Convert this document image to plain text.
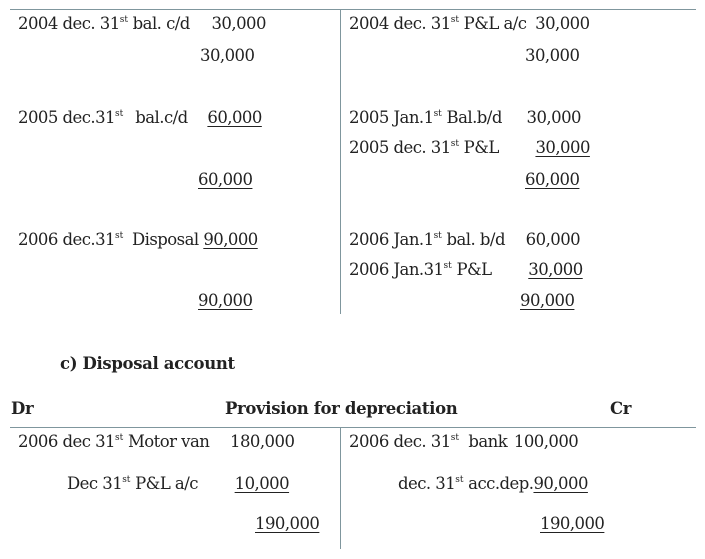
2004 dec. 31st bal. c/d 30,000
30,000
2005 dec.31st bal.c/d 60,000
60,000
2006 dec.31st Disposal 90,000
90,000
2004 dec. 31st P&L a/c 30,000
30,000
2005 Jan.1st Bal.b/d 30,000
2005 dec. 31st P&L 30,000
60,000
2006 Jan.1st bal. b/d 60,000
2006 Jan.31st P&L 30,000
90,000
c) Disposal account
Dr	Provision for depreciation	Cr
2006 dec 31st Motor van 180,000
Dec 31st P&L a/c 10,000
190,000
2006 dec. 31st  bank 100,000
dec. 31st acc.dep.90,000
190,000
